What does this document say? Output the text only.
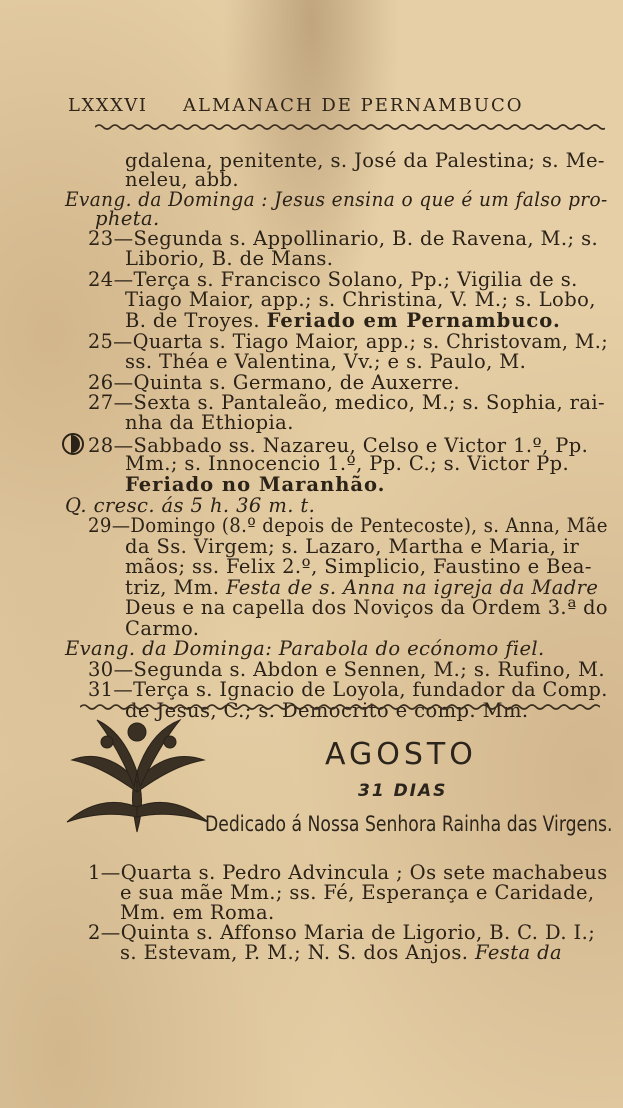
LXXXVI ALMANACH DE PERNAMBUCO
gdalena, penitente, s. José da Palestina; s. Me-
neleu, abb.
Evang. da Dominga : Jesus ensina o que é um falso pro-
pheta.
23—Segunda s. Appollinario, B. de Ravena, M.; s.
Liborio, B. de Mans.
24—Terça s. Francisco Solano, Pp.; Vigilia de s.
Tiago Maior, app.; s. Christina, V. M.; s. Lobo,
B. de Troyes. Feriado em Pernambuco.
25—Quarta s. Tiago Maior, app.; s. Christovam, M.;
ss. Théa e Valentina, Vv.; e s. Paulo, M.
26—Quinta s. Germano, de Auxerre.
27—Sexta s. Pantaleão, medico, M.; s. Sophia, rai-
nha da Ethiopia.
28—Sabbado ss. Nazareu, Celso e Victor 1.º, Pp.
Mm.; s. Innocencio 1.º, Pp. C.; s. Victor Pp.
Feriado no Maranhão.
Q. cresc. ás 5 h. 36 m. t.
29—Domingo (8.º depois de Pentecoste), s. Anna, Mãe
da Ss. Virgem; s. Lazaro, Martha e Maria, ir
mãos; ss. Felix 2.º, Simplicio, Faustino e Bea-
triz, Mm. Festa de s. Anna na igreja da Madre
Deus e na capella dos Noviços da Ordem 3.ª do
Carmo.
Evang. da Dominga: Parabola do ecónomo fiel.
30—Segunda s. Abdon e Sennen, M.; s. Rufino, M.
31—Terça s. Ignacio de Loyola, fundador da Comp.
de Jesus, C.; s. Democrito e comp. Mm.
AGOSTO
31 DIAS
Dedicado á Nossa Senhora Rainha das Virgens.
1—Quarta s. Pedro Advincula ; Os sete machabeus
e sua mãe Mm.; ss. Fé, Esperança e Caridade,
Mm. em Roma.
2—Quinta s. Affonso Maria de Ligorio, B. C. D. I.;
s. Estevam, P. M.; N. S. dos Anjos. Festa da
